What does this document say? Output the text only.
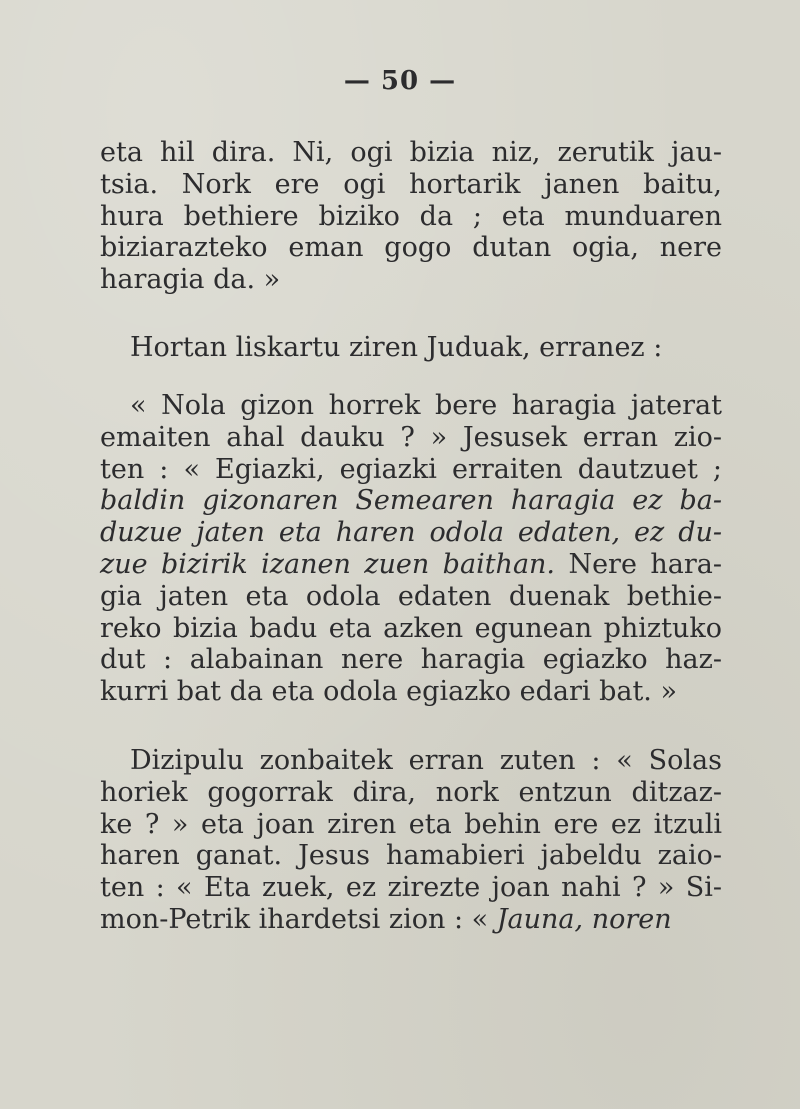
— 50 —
eta hil dira. Ni, ogi bizia niz, zerutik jau-
tsia. Nork ere ogi hortarik janen baitu,
hura bethiere biziko da ; eta munduaren
biziarazteko eman gogo dutan ogia, nere
haragia da. »
Hortan liskartu ziren Juduak, erranez :
« Nola gizon horrek bere haragia jaterat
emaiten ahal dauku ? » Jesusek erran zio-
ten : « Egiazki, egiazki erraiten dautzuet ;
baldin gizonaren Semearen haragia ez ba-
duzue jaten eta haren odola edaten, ez du-
zue bizirik izanen zuen baithan. Nere hara-
gia jaten eta odola edaten duenak bethie-
reko bizia badu eta azken egunean phiztuko
dut : alabainan nere haragia egiazko haz-
kurri bat da eta odola egiazko edari bat. »
Dizipulu zonbaitek erran zuten : « Solas
horiek gogorrak dira, nork entzun ditzaz-
ke ? » eta joan ziren eta behin ere ez itzuli
haren ganat. Jesus hamabieri jabeldu zaio-
ten : « Eta zuek, ez zirezte joan nahi ? » Si-
mon-Petrik ihardetsi zion : « Jauna, noren
